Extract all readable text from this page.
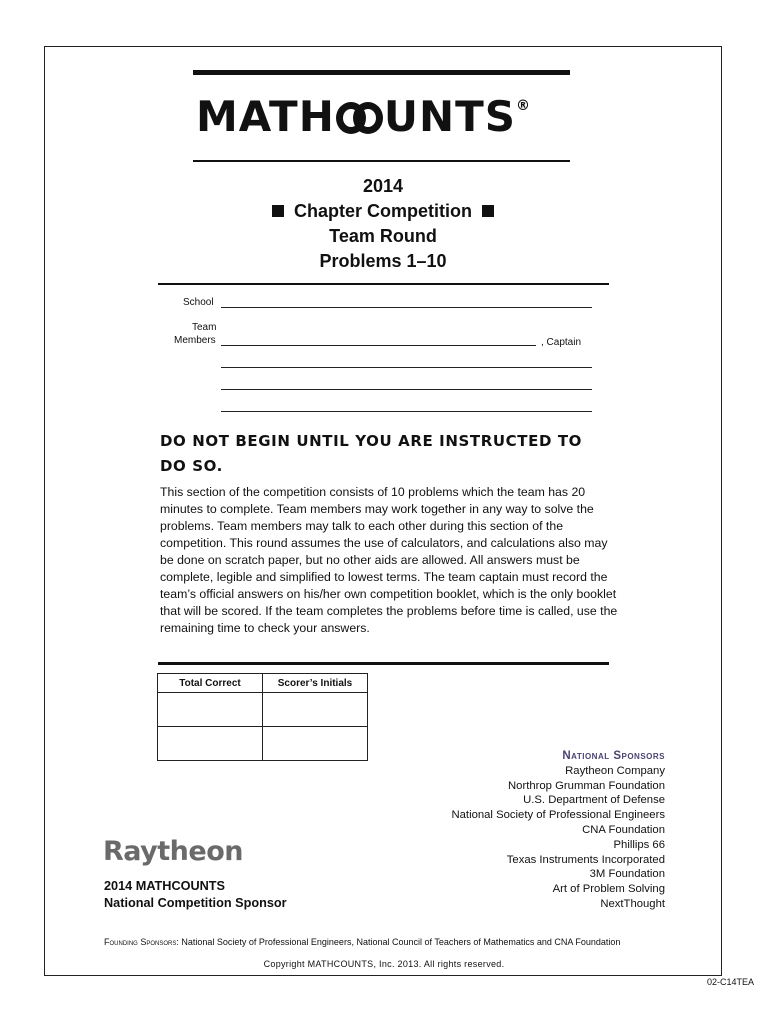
MATH UNTS®
2014
Chapter Competition
Team Round
Problems 1–10
School
Team
Members	, Captain
DO NOT BEGIN UNTIL YOU ARE INSTRUCTED TO DO SO.
This section of the competition consists of 10 problems which the team has 20 minutes to complete. Team members may work together in any way to solve the problems. Team members may talk to each other during this section of the competition. This round assumes the use of calculators, and calculations also may be done on scratch paper, but no other aids are allowed. All answers must be complete, legible and simplified to lowest terms. The team captain must record the team’s official answers on his/her own competition booklet, which is the only booklet that will be scored. If the team completes the problems before time is called, use the remaining time to check your answers.
Total Correct	Scorer’s Initials

National Sponsors
Raytheon Company
Northrop Grumman Foundation
U.S. Department of Defense
National Society of Professional Engineers
CNA Foundation
Phillips 66
Texas Instruments Incorporated
3M Foundation
Art of Problem Solving
NextThought
Raytheon
2014 MATHCOUNTS
National Competition Sponsor
Founding Sponsors: National Society of Professional Engineers, National Council of Teachers of Mathematics and CNA Foundation
Copyright MATHCOUNTS, Inc. 2013. All rights reserved.
02-C14TEA
